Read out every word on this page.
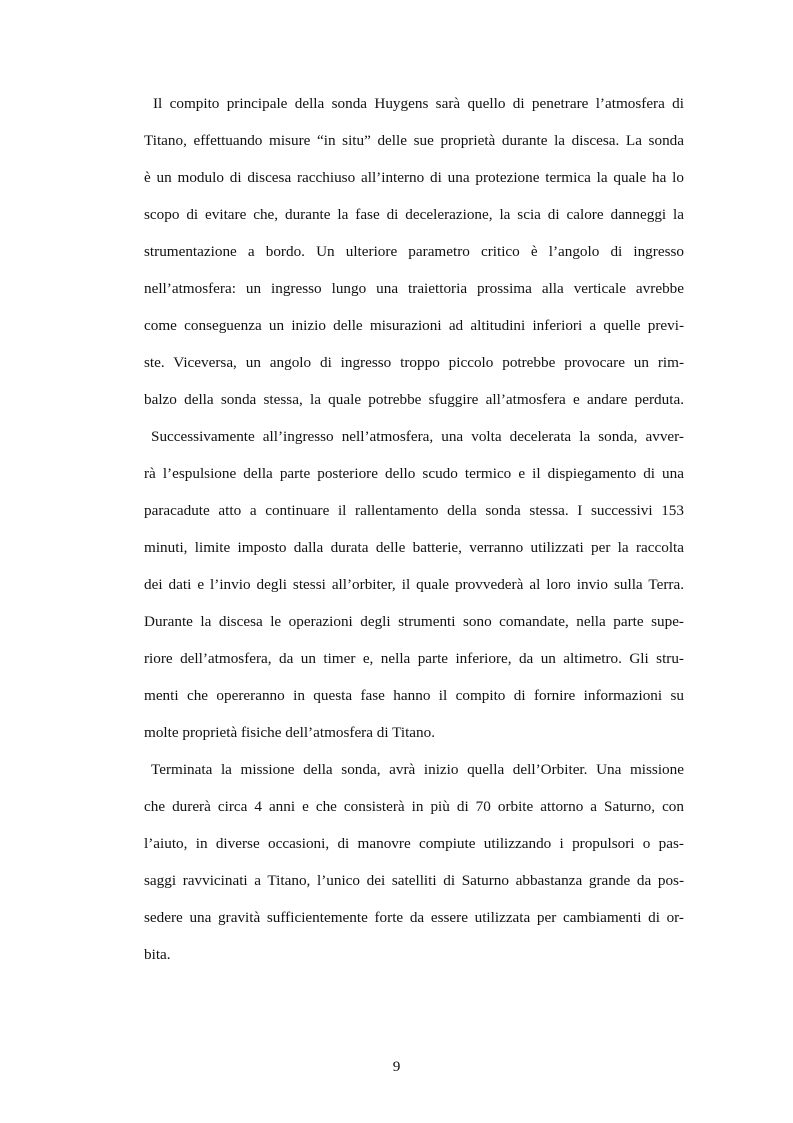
Il compito principale della sonda Huygens sarà quello di penetrare l’atmosfera di
Titano, effettuando misure “in situ” delle sue proprietà durante la discesa. La sonda
è un modulo di discesa racchiuso all’interno di una protezione termica la quale ha lo
scopo di evitare che, durante la fase di decelerazione, la scia di calore danneggi la
strumentazione a bordo. Un ulteriore parametro critico è l’angolo di ingresso
nell’atmosfera: un ingresso lungo una traiettoria prossima alla verticale avrebbe
come conseguenza un inizio delle misurazioni ad altitudini inferiori a quelle previ-
ste. Viceversa, un angolo di ingresso troppo piccolo potrebbe provocare un rim-
balzo della sonda stessa, la quale potrebbe sfuggire all’atmosfera e andare perduta.
Successivamente all’ingresso nell’atmosfera, una volta decelerata la sonda, avver-
rà l’espulsione della parte posteriore dello scudo termico e il dispiegamento di una
paracadute atto a continuare il rallentamento della sonda stessa. I successivi 153
minuti, limite imposto dalla durata delle batterie, verranno utilizzati per la raccolta
dei dati e l’invio degli stessi all’orbiter, il quale provvederà al loro invio sulla Terra.
Durante la discesa le operazioni degli strumenti sono comandate, nella parte supe-
riore dell’atmosfera, da un timer e, nella parte inferiore, da un altimetro. Gli stru-
menti che opereranno in questa fase hanno il compito di fornire informazioni su
molte proprietà fisiche dell’atmosfera di Titano.
Terminata la missione della sonda, avrà inizio quella dell’Orbiter. Una missione
che durerà circa 4 anni e che consisterà in più di 70 orbite attorno a Saturno, con
l’aiuto, in diverse occasioni, di manovre compiute utilizzando i propulsori o pas-
saggi ravvicinati a Titano, l’unico dei satelliti di Saturno abbastanza grande da pos-
sedere una gravità sufficientemente forte da essere utilizzata per cambiamenti di or-
bita.
9
